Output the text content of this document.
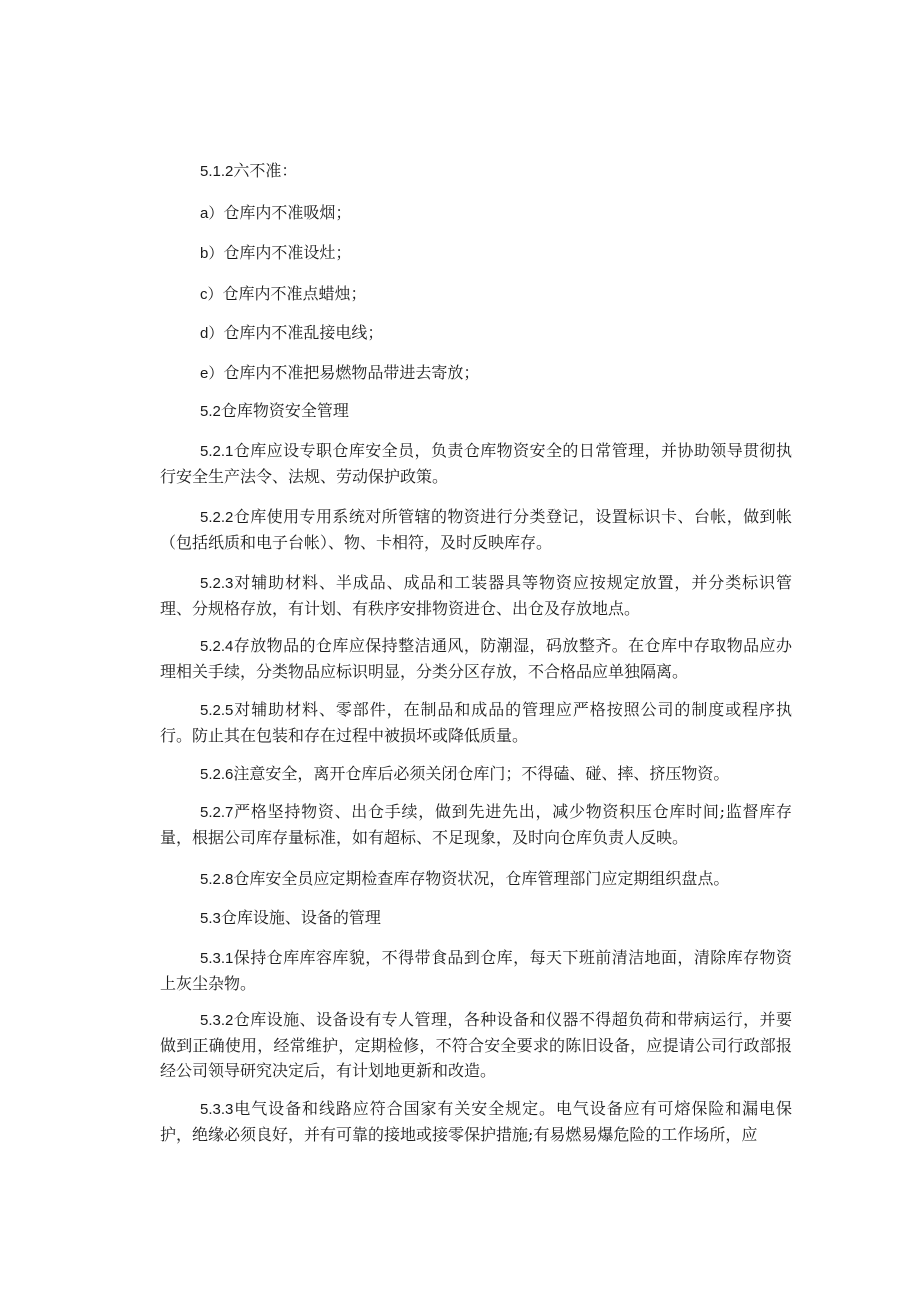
5.1.2六不准：

a）仓库内不准吸烟；

b）仓库内不准设灶；

c）仓库内不准点蜡烛；

d）仓库内不准乱接电线；

e）仓库内不准把易燃物品带进去寄放；

5.2仓库物资安全管理

5.2.1仓库应设专职仓库安全员，负责仓库物资安全的日常管理，并协助领导贯彻执行安全生产法令、法规、劳动保护政策。

5.2.2仓库使用专用系统对所管辖的物资进行分类登记，设置标识卡、台帐，做到帐（包括纸质和电子台帐）、物、卡相符，及时反映库存。

5.2.3对辅助材料、半成品、成品和工装器具等物资应按规定放置，并分类标识管理、分规格存放，有计划、有秩序安排物资进仓、出仓及存放地点。

5.2.4存放物品的仓库应保持整洁通风，防潮湿，码放整齐。在仓库中存取物品应办理相关手续，分类物品应标识明显，分类分区存放，不合格品应单独隔离。

5.2.5对辅助材料、零部件，在制品和成品的管理应严格按照公司的制度或程序执行。防止其在包装和存在过程中被损坏或降低质量。

5.2.6注意安全，离开仓库后必须关闭仓库门；不得磕、碰、摔、挤压物资。

5.2.7严格坚持物资、出仓手续，做到先进先出，减少物资积压仓库时间;监督库存量，根据公司库存量标准，如有超标、不足现象，及时向仓库负责人反映。

5.2.8仓库安全员应定期检查库存物资状况，仓库管理部门应定期组织盘点。

5.3仓库设施、设备的管理

5.3.1保持仓库库容库貌，不得带食品到仓库，每天下班前清洁地面，清除库存物资上灰尘杂物。

5.3.2仓库设施、设备设有专人管理，各种设备和仪器不得超负荷和带病运行，并要做到正确使用，经常维护，定期检修，不符合安全要求的陈旧设备，应提请公司行政部报经公司领导研究决定后，有计划地更新和改造。

5.3.3电气设备和线路应符合国家有关安全规定。电气设备应有可熔保险和漏电保护，绝缘必须良好，并有可靠的接地或接零保护措施;有易燃易爆危险的工作场所，应
